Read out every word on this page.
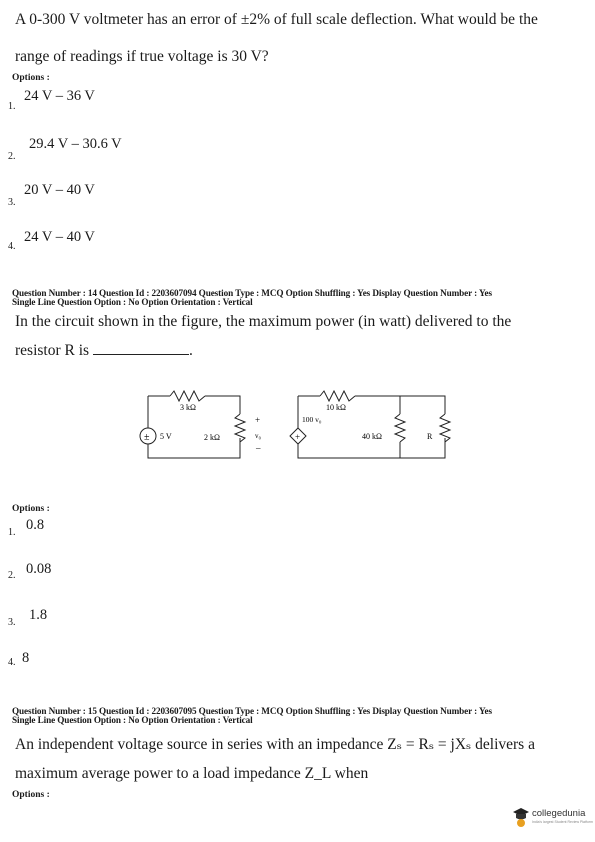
A 0-300 V voltmeter has an error of ±2% of full scale deflection. What would be the
range of readings if true voltage is 30 V?
Options :
1.
24 V – 36 V
2.
29.4 V – 30.6 V
3.
20 V – 40 V
4.
24 V – 40 V
Question Number : 14 Question Id : 2203607094 Question Type : MCQ Option Shuffling : Yes Display Question Number : Yes
Single Line Question Option : No Option Orientation : Vertical
In the circuit shown in the figure, the maximum power (in watt) delivered to the
resistor R is	.
±	+
3 kΩ
5 V	2 kΩ
+
v₀
–
10 kΩ
100 v₀
40 kΩ	R
Options :
1. 0.8
2. 0.08
3. 1.8
4. 8
Question Number : 15 Question Id : 2203607095 Question Type : MCQ Option Shuffling : Yes Display Question Number : Yes
Single Line Question Option : No Option Orientation : Vertical
An independent voltage source in series with an impedance Zₛ = Rₛ = jXₛ delivers a
maximum average power to a load impedance Z_L when
Options :
collegedunia
India's largest Student Review Platform
